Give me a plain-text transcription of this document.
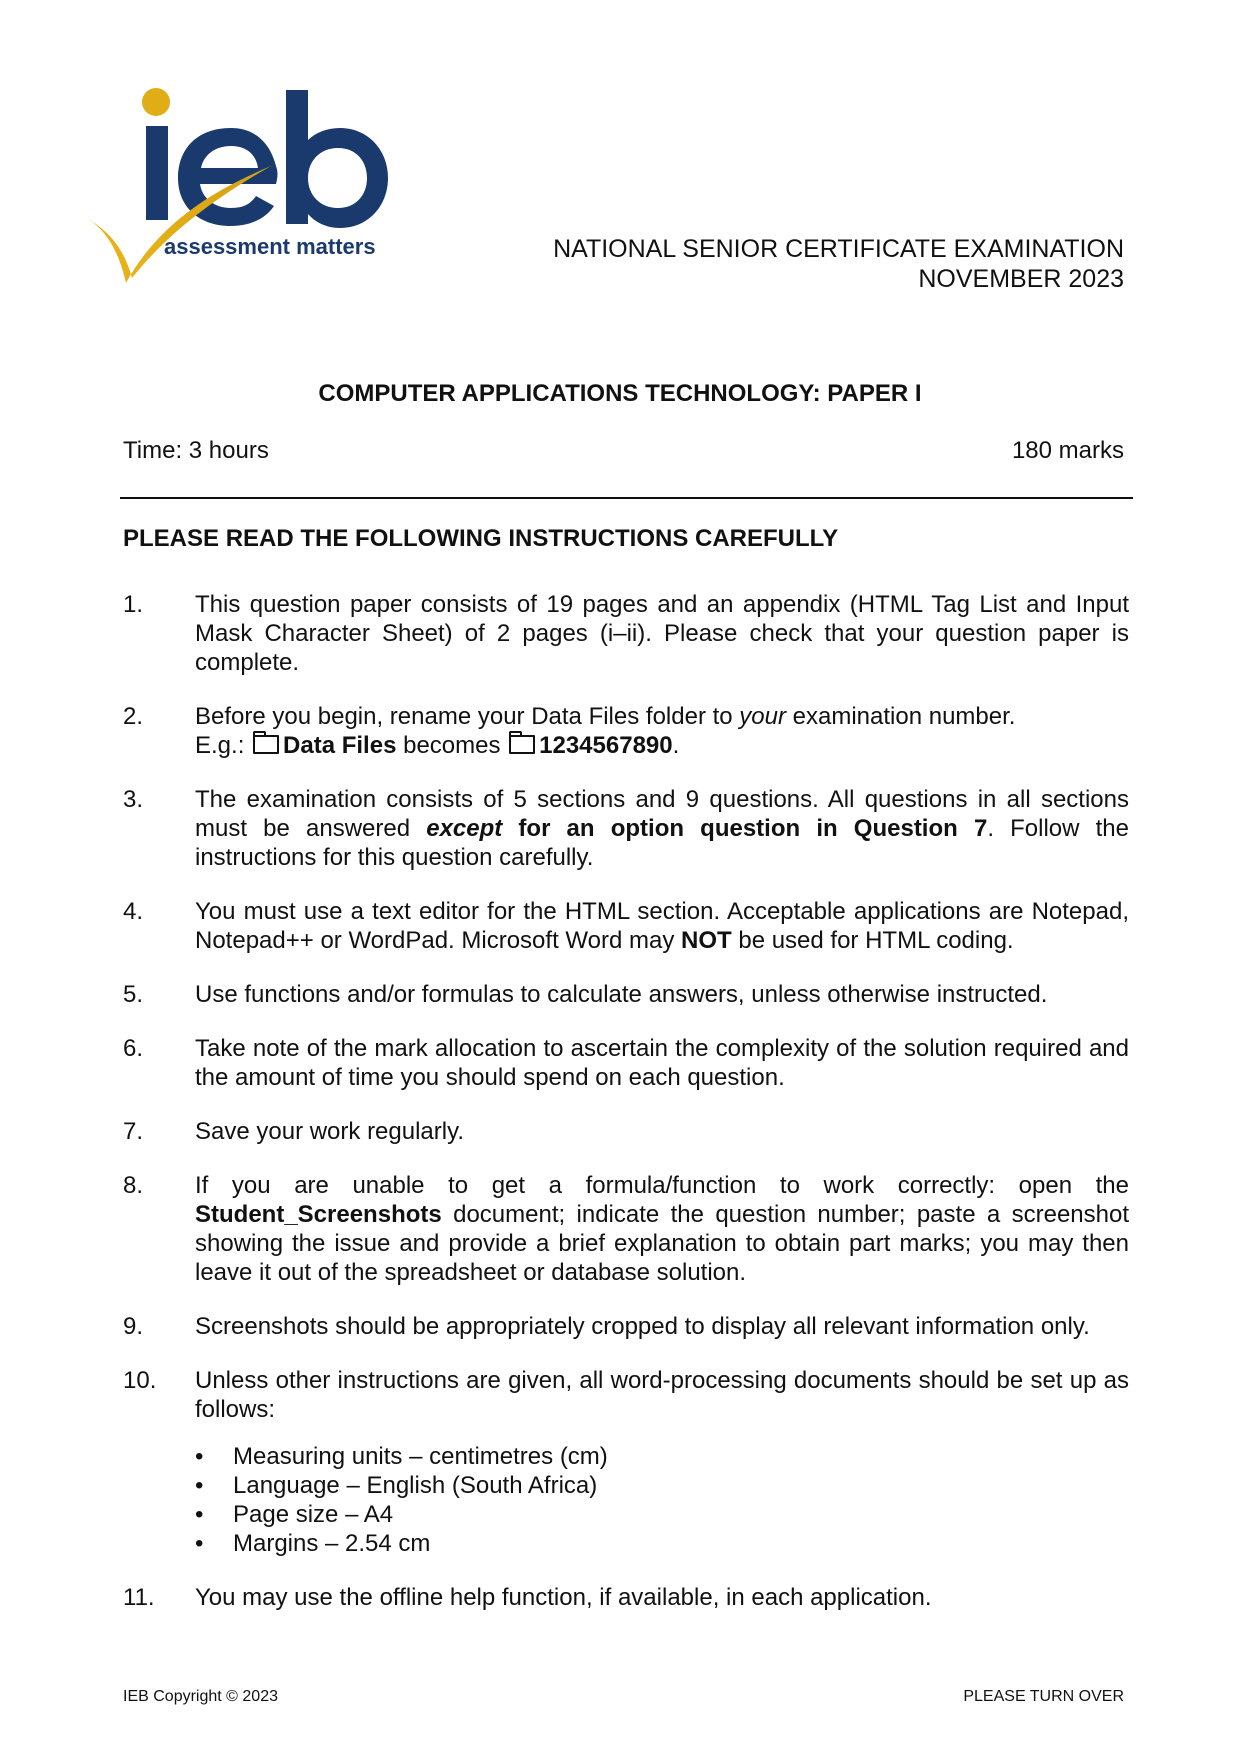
assessment matters	NATIONAL SENIOR CERTIFICATE EXAMINATION
NOVEMBER 2023
COMPUTER APPLICATIONS TECHNOLOGY: PAPER I
Time: 3 hours	180 marks
PLEASE READ THE FOLLOWING INSTRUCTIONS CAREFULLY
1.	This question paper consists of 19 pages and an appendix (HTML Tag List and Input Mask Character Sheet) of 2 pages (i–ii). Please check that your question paper is complete.
2.	Before you begin, rename your Data Files folder to your examination number.
E.g.: Data Files becomes 1234567890.
3.	The examination consists of 5 sections and 9 questions. All questions in all sections must be answered except for an option question in Question 7. Follow the instructions for this question carefully.
4.	You must use a text editor for the HTML section. Acceptable applications are Notepad, Notepad++ or WordPad. Microsoft Word may NOT be used for HTML coding.
5.	Use functions and/or formulas to calculate answers, unless otherwise instructed.
6.	Take note of the mark allocation to ascertain the complexity of the solution required and the amount of time you should spend on each question.
7.	Save your work regularly.
8.	If you are unable to get a formula/function to work correctly: open the Student_Screenshots document; indicate the question number; paste a screenshot showing the issue and provide a brief explanation to obtain part marks; you may then leave it out of the spreadsheet or database solution.
9.	Screenshots should be appropriately cropped to display all relevant information only.
10.	Unless other instructions are given, all word-processing documents should be set up as follows:
• Measuring units – centimetres (cm)
• Language – English (South Africa)
• Page size – A4
• Margins – 2.54 cm
11.	You may use the offline help function, if available, in each application.
IEB Copyright © 2023	PLEASE TURN OVER
